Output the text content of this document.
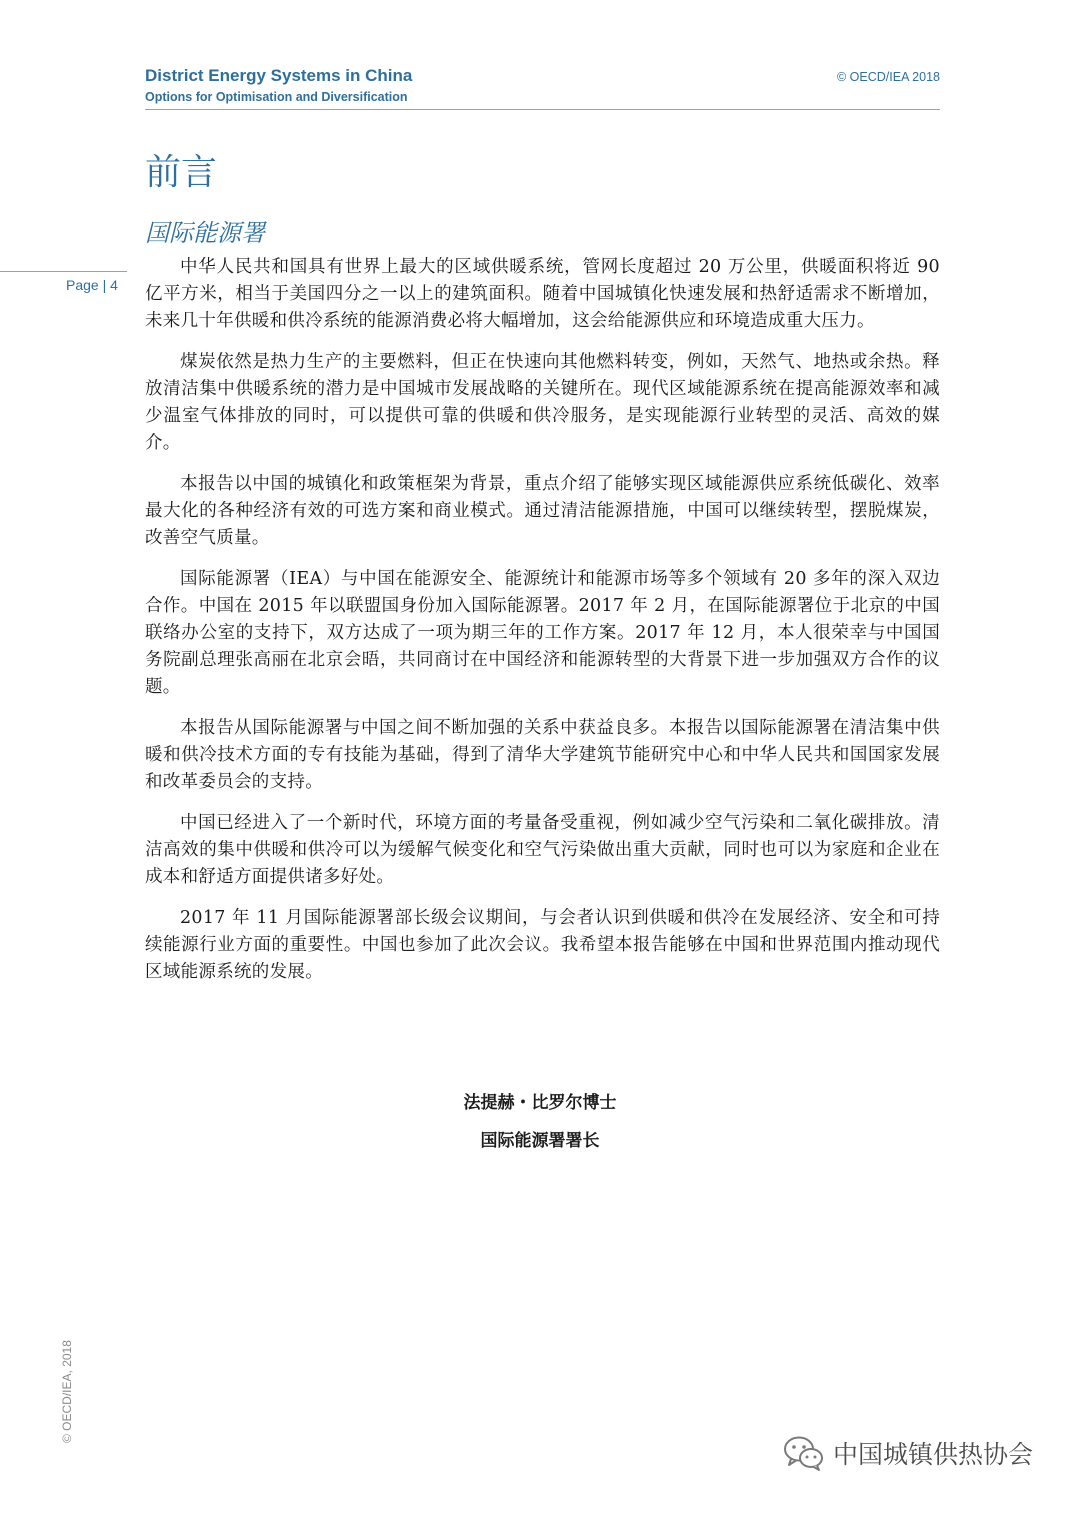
District Energy Systems in China
Options for Optimisation and Diversification
© OECD/IEA 2018
前言
国际能源署
Page | 4

中华人民共和国具有世界上最大的区域供暖系统，管网长度超过 20 万公里，供暖面积将近 90 亿平方米，相当于美国四分之一以上的建筑面积。随着中国城镇化快速发展和热舒适需求不断增加，未来几十年供暖和供冷系统的能源消费必将大幅增加，这会给能源供应和环境造成重大压力。

煤炭依然是热力生产的主要燃料，但正在快速向其他燃料转变，例如，天然气、地热或余热。释放清洁集中供暖系统的潜力是中国城市发展战略的关键所在。现代区域能源系统在提高能源效率和减少温室气体排放的同时，可以提供可靠的供暖和供冷服务，是实现能源行业转型的灵活、高效的媒介。

本报告以中国的城镇化和政策框架为背景，重点介绍了能够实现区域能源供应系统低碳化、效率最大化的各种经济有效的可选方案和商业模式。通过清洁能源措施，中国可以继续转型，摆脱煤炭，改善空气质量。

国际能源署（IEA）与中国在能源安全、能源统计和能源市场等多个领域有 20 多年的深入双边合作。中国在 2015 年以联盟国身份加入国际能源署。2017 年 2 月，在国际能源署位于北京的中国联络办公室的支持下，双方达成了一项为期三年的工作方案。2017 年 12 月，本人很荣幸与中国国务院副总理张高丽在北京会晤，共同商讨在中国经济和能源转型的大背景下进一步加强双方合作的议题。

本报告从国际能源署与中国之间不断加强的关系中获益良多。本报告以国际能源署在清洁集中供暖和供冷技术方面的专有技能为基础，得到了清华大学建筑节能研究中心和中华人民共和国国家发展和改革委员会的支持。

中国已经进入了一个新时代，环境方面的考量备受重视，例如减少空气污染和二氧化碳排放。清洁高效的集中供暖和供冷可以为缓解气候变化和空气污染做出重大贡献，同时也可以为家庭和企业在成本和舒适方面提供诸多好处。

2017 年 11 月国际能源署部长级会议期间，与会者认识到供暖和供冷在发展经济、安全和可持续能源行业方面的重要性。中国也参加了此次会议。我希望本报告能够在中国和世界范围内推动现代区域能源系统的发展。

法提赫・比罗尔博士
国际能源署署长
© OECD/IEA, 2018
中国城镇供热协会
